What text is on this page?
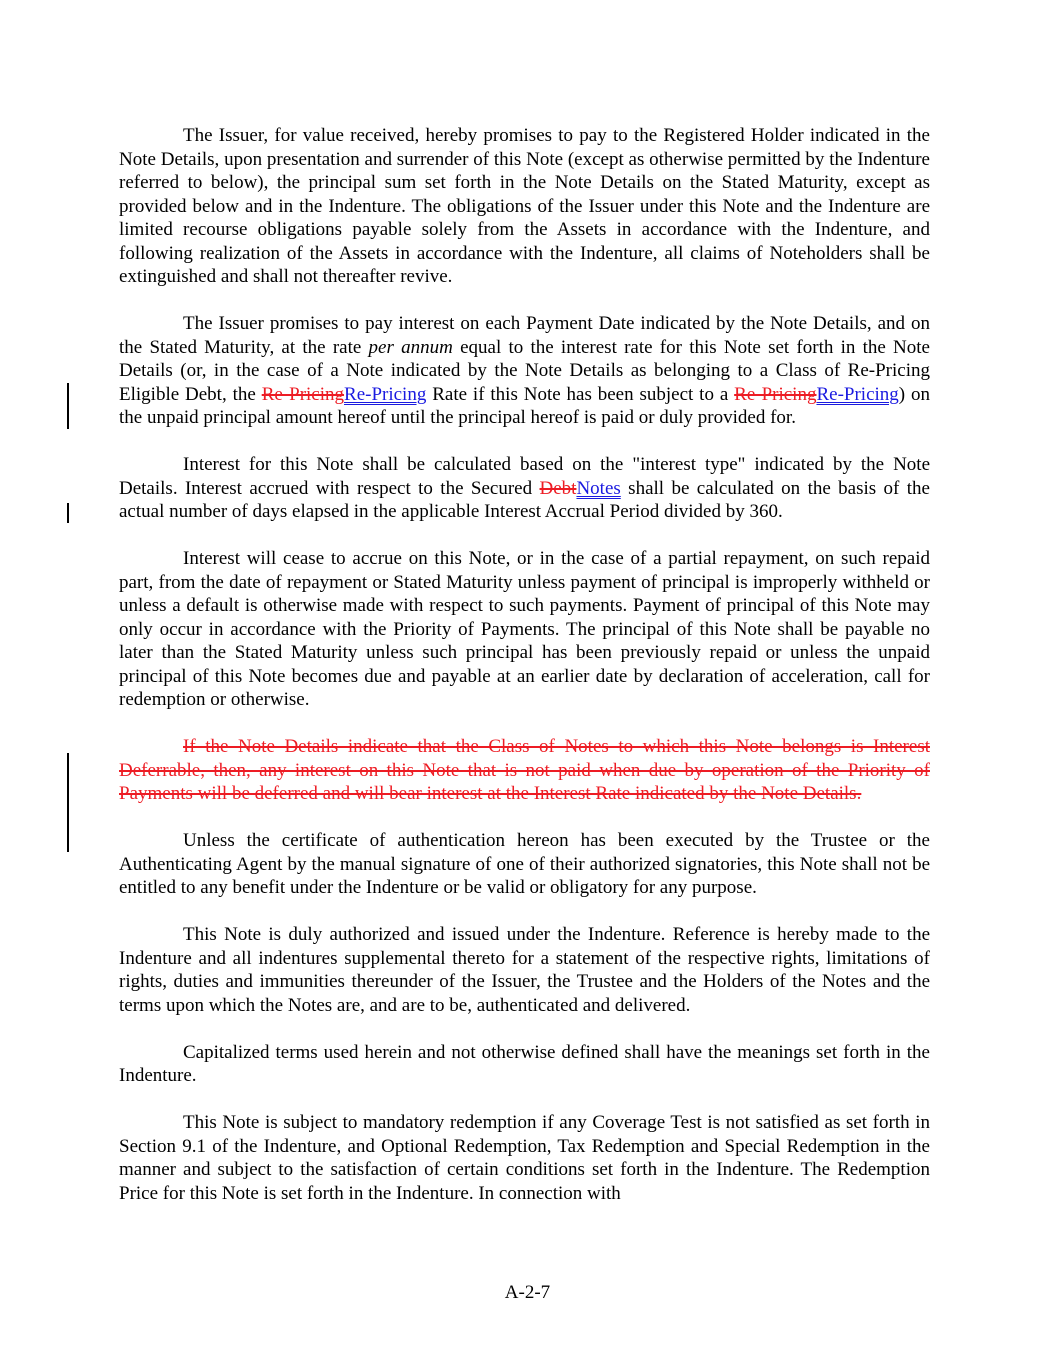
The Issuer, for value received, hereby promises to pay to the Registered Holder indicated in the Note Details, upon presentation and surrender of this Note (except as otherwise permitted by the Indenture referred to below), the principal sum set forth in the Note Details on the Stated Maturity, except as provided below and in the Indenture. The obligations of the Issuer under this Note and the Indenture are limited recourse obligations payable solely from the Assets in accordance with the Indenture, and following realization of the Assets in accordance with the Indenture, all claims of Noteholders shall be extinguished and shall not thereafter revive.

The Issuer promises to pay interest on each Payment Date indicated by the Note Details, and on the Stated Maturity, at the rate per annum equal to the interest rate for this Note set forth in the Note Details (or, in the case of a Note indicated by the Note Details as belonging to a Class of Re-Pricing Eligible Debt, the Re-PricingRe-Pricing Rate if this Note has been subject to a Re-PricingRe-Pricing) on the unpaid principal amount hereof until the principal hereof is paid or duly provided for.

Interest for this Note shall be calculated based on the "interest type" indicated by the Note Details. Interest accrued with respect to the Secured DebtNotes shall be calculated on the basis of the actual number of days elapsed in the applicable Interest Accrual Period divided by 360.

Interest will cease to accrue on this Note, or in the case of a partial repayment, on such repaid part, from the date of repayment or Stated Maturity unless payment of principal is improperly withheld or unless a default is otherwise made with respect to such payments. Payment of principal of this Note may only occur in accordance with the Priority of Payments. The principal of this Note shall be payable no later than the Stated Maturity unless such principal has been previously repaid or unless the unpaid principal of this Note becomes due and payable at an earlier date by declaration of acceleration, call for redemption or otherwise.

If the Note Details indicate that the Class of Notes to which this Note belongs is Interest Deferrable, then, any interest on this Note that is not paid when due by operation of the Priority of Payments will be deferred and will bear interest at the Interest Rate indicated by the Note Details.

Unless the certificate of authentication hereon has been executed by the Trustee or the Authenticating Agent by the manual signature of one of their authorized signatories, this Note shall not be entitled to any benefit under the Indenture or be valid or obligatory for any purpose.

This Note is duly authorized and issued under the Indenture. Reference is hereby made to the Indenture and all indentures supplemental thereto for a statement of the respective rights, limitations of rights, duties and immunities thereunder of the Issuer, the Trustee and the Holders of the Notes and the terms upon which the Notes are, and are to be, authenticated and delivered.

Capitalized terms used herein and not otherwise defined shall have the meanings set forth in the Indenture.

This Note is subject to mandatory redemption if any Coverage Test is not satisfied as set forth in Section 9.1 of the Indenture, and Optional Redemption, Tax Redemption and Special Redemption in the manner and subject to the satisfaction of certain conditions set forth in the Indenture. The Redemption Price for this Note is set forth in the Indenture. In connection with

A-2-7
